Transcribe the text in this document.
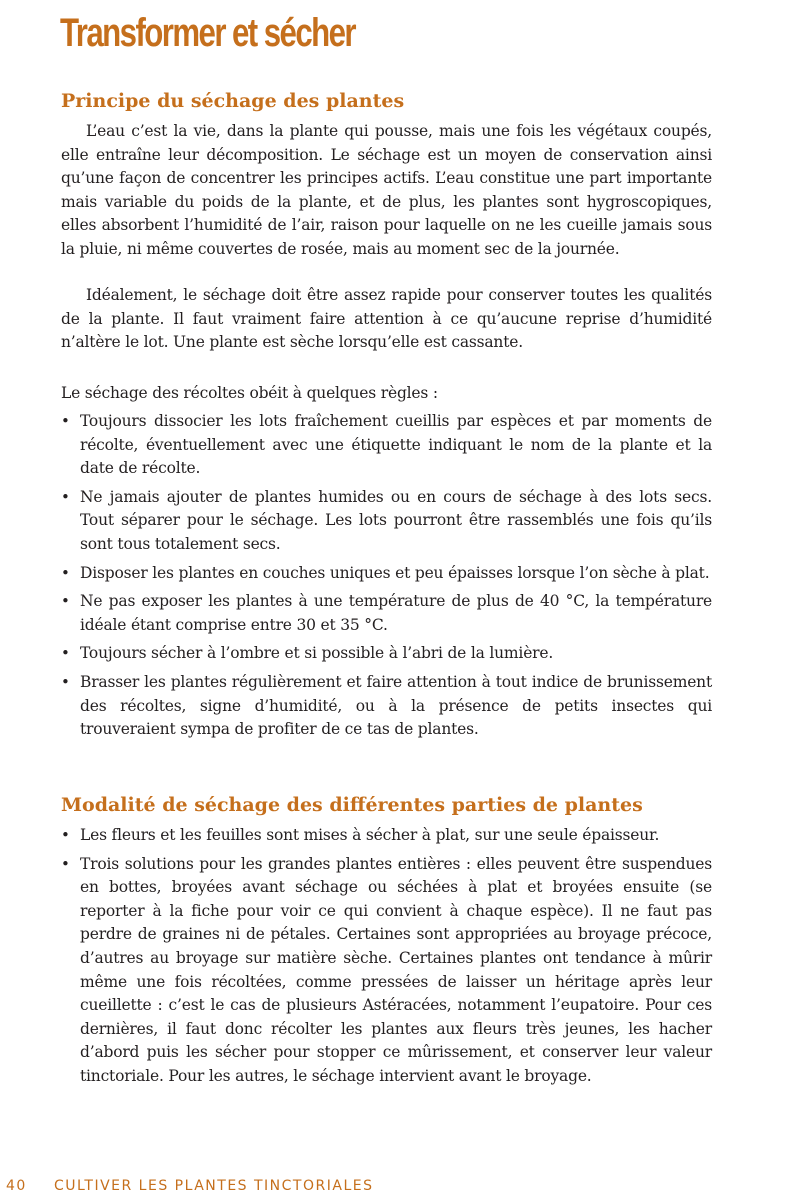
Transformer et sécher
Principe du séchage des plantes

L’eau c’est la vie, dans la plante qui pousse, mais une fois les végétaux coupés, elle entraîne leur décomposition. Le séchage est un moyen de conservation ainsi qu’une façon de concentrer les principes actifs. L’eau constitue une part importante mais variable du poids de la plante, et de plus, les plantes sont hygroscopiques, elles absorbent l’humidité de l’air, raison pour laquelle on ne les cueille jamais sous la pluie, ni même couvertes de rosée, mais au moment sec de la journée.

Idéalement, le séchage doit être assez rapide pour conserver toutes les qualités de la plante. Il faut vraiment faire attention à ce qu’aucune reprise d’humidité n’altère le lot. Une plante est sèche lorsqu’elle est cassante.

Le séchage des récoltes obéit à quelques règles :

• Toujours dissocier les lots fraîchement cueillis par espèces et par moments de récolte, éventuellement avec une étiquette indiquant le nom de la plante et la date de récolte.
• Ne jamais ajouter de plantes humides ou en cours de séchage à des lots secs. Tout séparer pour le séchage. Les lots pourront être rassemblés une fois qu’ils sont tous totalement secs.
• Disposer les plantes en couches uniques et peu épaisses lorsque l’on sèche à plat.
• Ne pas exposer les plantes à une température de plus de 40 °C, la température idéale étant comprise entre 30 et 35 °C.
• Toujours sécher à l’ombre et si possible à l’abri de la lumière.
• Brasser les plantes régulièrement et faire attention à tout indice de brunissement des récoltes, signe d’humidité, ou à la présence de petits insectes qui trouveraient sympa de profiter de ce tas de plantes.
Modalité de séchage des différentes parties de plantes
• Les fleurs et les feuilles sont mises à sécher à plat, sur une seule épaisseur.
• Trois solutions pour les grandes plantes entières : elles peuvent être suspendues en bottes, broyées avant séchage ou séchées à plat et broyées ensuite (se reporter à la fiche pour voir ce qui convient à chaque espèce). Il ne faut pas perdre de graines ni de pétales. Certaines sont appropriées au broyage précoce, d’autres au broyage sur matière sèche. Certaines plantes ont tendance à mûrir même une fois récoltées, comme pressées de laisser un héritage après leur cueillette : c’est le cas de plusieurs Astéracées, notamment l’eupatoire. Pour ces dernières, il faut donc récolter les plantes aux fleurs très jeunes, les hacher d’abord puis les sécher pour stopper ce mûrissement, et conserver leur valeur tinctoriale. Pour les autres, le séchage intervient avant le broyage.
40 CULTIVER LES PLANTES TINCTORIALES
